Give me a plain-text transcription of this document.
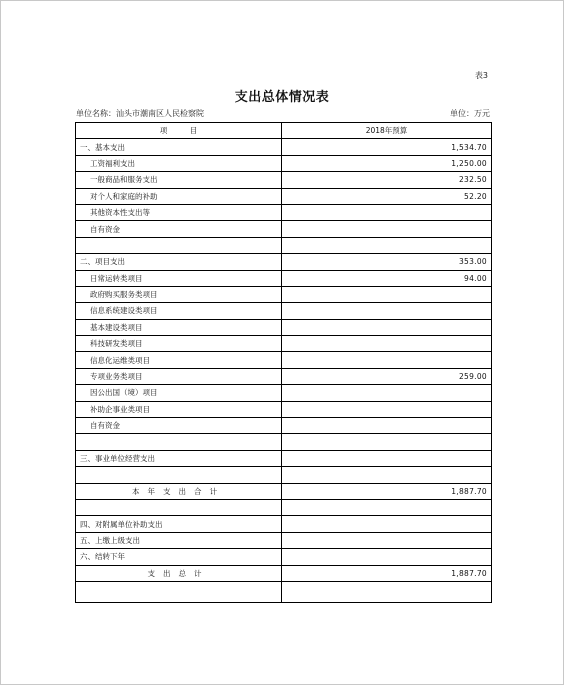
表3
支出总体情况表
单位名称：汕头市潮南区人民检察院	单位：万元
项　　　目	2018年预算
一、基本支出	1,534.70
工资福利支出	1,250.00
一般商品和服务支出	232.50
对个人和家庭的补助	52.20
其他资本性支出等	
自有资金	

二、项目支出	353.00
日常运转类项目	94.00
政府购买服务类项目	
信息系统建设类项目	
基本建设类项目	
科技研发类项目	
信息化运维类项目	
专项业务类项目	259.00
因公出国（境）项目	
补助企事业类项目	
自有资金	

三、事业单位经营支出	

本年支出合计	1,887.70

四、对附属单位补助支出	
五、上缴上级支出	
六、结转下年	
支出总计	1,887.70
